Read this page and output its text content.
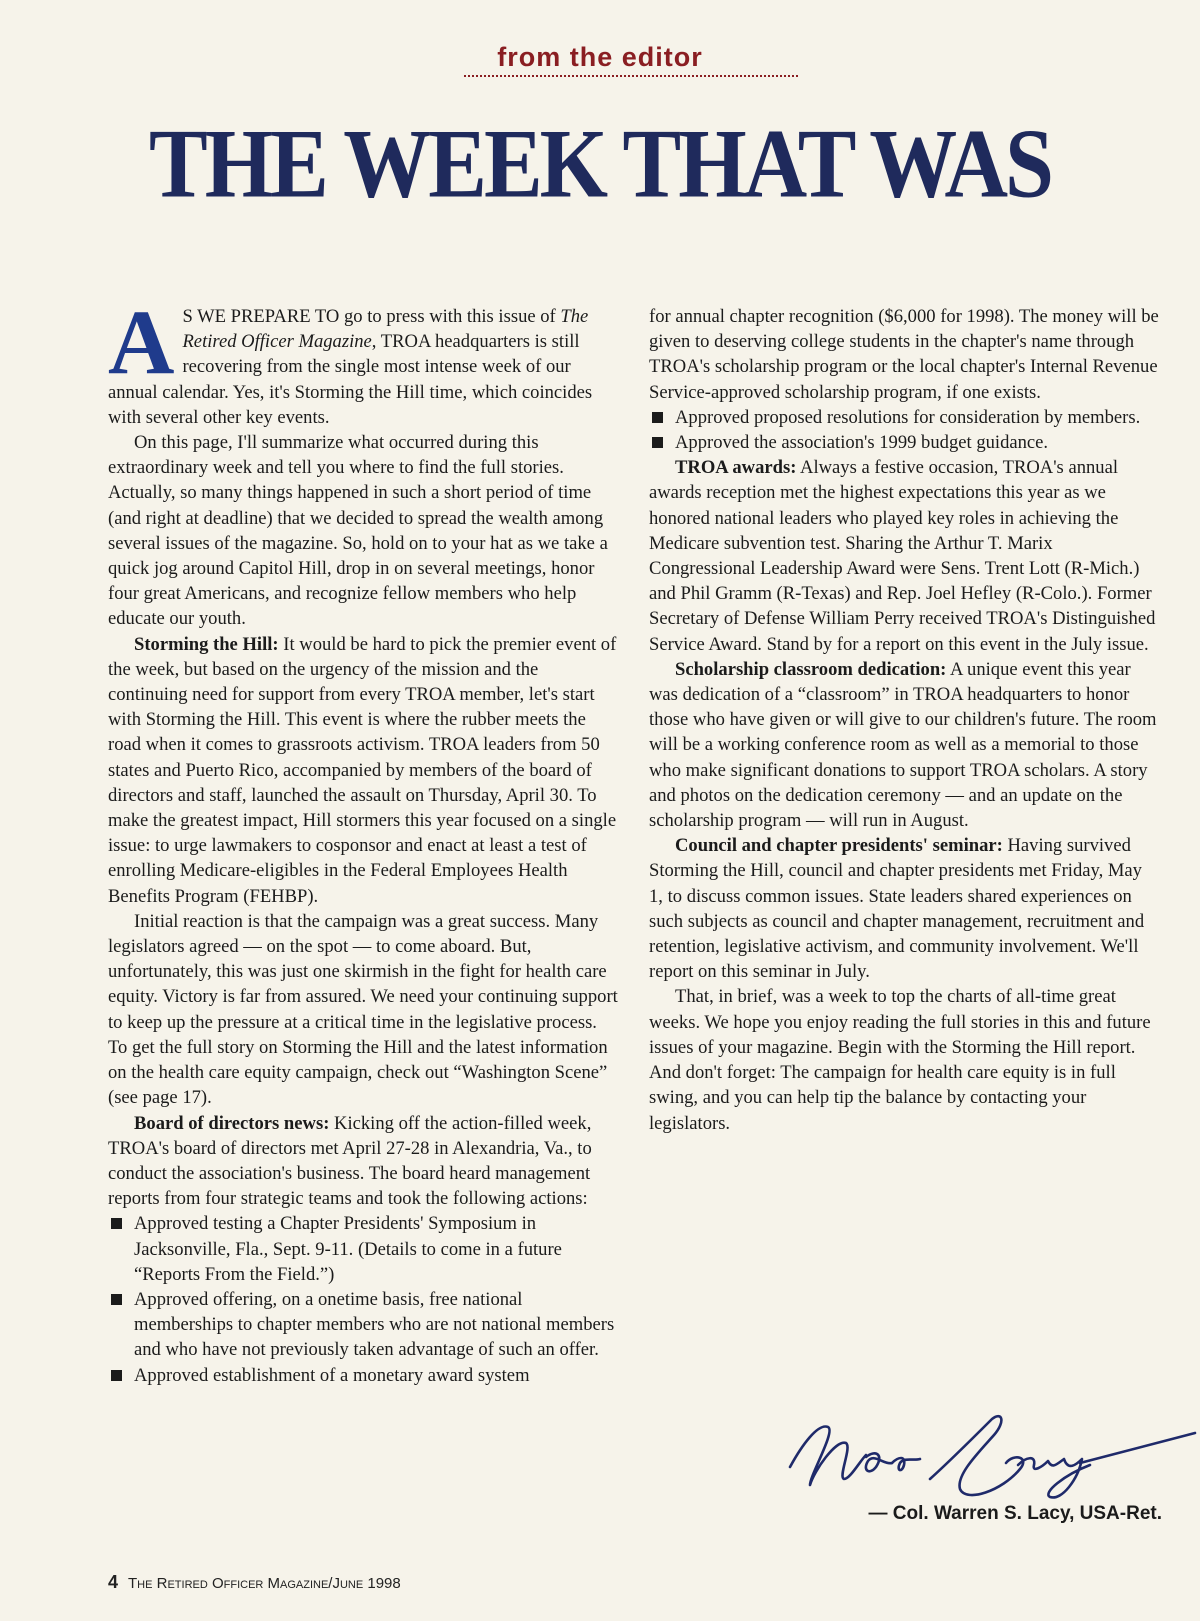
from the editor
THE WEEK THAT WAS

A S WE PREPARE TO go to press with this issue of The Retired Officer Magazine, TROA headquarters is still recovering from the single most intense week of our annual calendar. Yes, it's Storming the Hill time, which coincides with several other key events.

On this page, I'll summarize what occurred during this extraordinary week and tell you where to find the full stories. Actually, so many things happened in such a short period of time (and right at deadline) that we decided to spread the wealth among several issues of the magazine. So, hold on to your hat as we take a quick jog around Capitol Hill, drop in on several meetings, honor four great Americans, and recognize fellow members who help educate our youth.

Storming the Hill: It would be hard to pick the premier event of the week, but based on the urgency of the mission and the continuing need for support from every TROA member, let's start with Storming the Hill. This event is where the rubber meets the road when it comes to grassroots activism. TROA leaders from 50 states and Puerto Rico, accompanied by members of the board of directors and staff, launched the assault on Thursday, April 30. To make the greatest impact, Hill stormers this year focused on a single issue: to urge lawmakers to cosponsor and enact at least a test of enrolling Medicare-eligibles in the Federal Employees Health Benefits Program (FEHBP).

Initial reaction is that the campaign was a great success. Many legislators agreed — on the spot — to come aboard. But, unfortunately, this was just one skirmish in the fight for health care equity. Victory is far from assured. We need your continuing support to keep up the pressure at a critical time in the legislative process. To get the full story on Storming the Hill and the latest information on the health care equity campaign, check out “Washington Scene” (see page 17).

Board of directors news: Kicking off the action-filled week, TROA's board of directors met April 27-28 in Alexandria, Va., to conduct the association's business. The board heard management reports from four strategic teams and took the following actions:

Approved testing a Chapter Presidents' Symposium in Jacksonville, Fla., Sept. 9-11. (Details to come in a future “Reports From the Field.”)
Approved offering, on a onetime basis, free national memberships to chapter members who are not national members and who have not previously taken advantage of such an offer.
Approved establishment of a monetary award system

for annual chapter recognition ($6,000 for 1998). The money will be given to deserving college students in the chapter's name through TROA's scholarship program or the local chapter's Internal Revenue Service-approved scholarship program, if one exists.

Approved proposed resolutions for consideration by members.
Approved the association's 1999 budget guidance.

TROA awards: Always a festive occasion, TROA's annual awards reception met the highest expectations this year as we honored national leaders who played key roles in achieving the Medicare subvention test. Sharing the Arthur T. Marix Congressional Leadership Award were Sens. Trent Lott (R-Mich.) and Phil Gramm (R-Texas) and Rep. Joel Hefley (R-Colo.). Former Secretary of Defense William Perry received TROA's Distinguished Service Award. Stand by for a report on this event in the July issue.

Scholarship classroom dedication: A unique event this year was dedication of a “classroom” in TROA headquarters to honor those who have given or will give to our children's future. The room will be a working conference room as well as a memorial to those who make significant donations to support TROA scholars. A story and photos on the dedication ceremony — and an update on the scholarship program — will run in August.

Council and chapter presidents' seminar: Having survived Storming the Hill, council and chapter presidents met Friday, May 1, to discuss common issues. State leaders shared experiences on such subjects as council and chapter management, recruitment and retention, legislative activism, and community involvement. We'll report on this seminar in July.

That, in brief, was a week to top the charts of all-time great weeks. We hope you enjoy reading the full stories in this and future issues of your magazine. Begin with the Storming the Hill report. And don't forget: The campaign for health care equity is in full swing, and you can help tip the balance by contacting your legislators.

— Col. Warren S. Lacy, USA-Ret.
4 The Retired Officer Magazine/June 1998
